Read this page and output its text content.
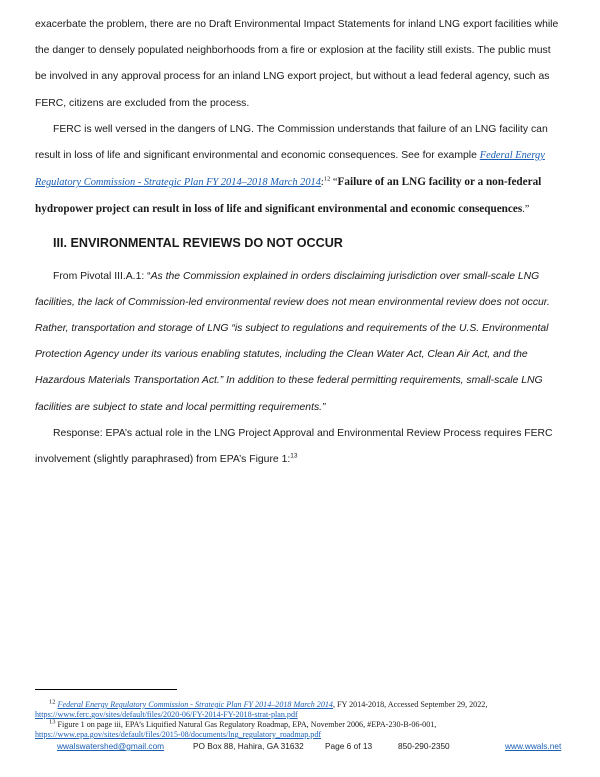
exacerbate the problem, there are no Draft Environmental Impact Statements for inland LNG export facilities while the danger to densely populated neighborhoods from a fire or explosion at the facility still exists. The public must be involved in any approval process for an inland LNG export project, but without a lead federal agency, such as FERC, citizens are excluded from the process.

FERC is well versed in the dangers of LNG. The Commission understands that failure of an LNG facility can result in loss of life and significant environmental and economic consequences. See for example Federal Energy Regulatory Commission - Strategic Plan FY 2014–2018 March 2014:$^{12}$ “Failure of an LNG facility or a non-federal hydropower project can result in loss of life and significant environmental and economic consequences.”

III. ENVIRONMENTAL REVIEWS DO NOT OCCUR

From Pivotal III.A.1: “As the Commission explained in orders disclaiming jurisdiction over small-scale LNG facilities, the lack of Commission-led environmental review does not mean environmental review does not occur. Rather, transportation and storage of LNG “is subject to regulations and requirements of the U.S. Environmental Protection Agency under its various enabling statutes, including the Clean Water Act, Clean Air Act, and the Hazardous Materials Transportation Act.” In addition to these federal permitting requirements, small-scale LNG facilities are subject to state and local permitting requirements.”

Response: EPA’s actual role in the LNG Project Approval and Environmental Review Process requires FERC involvement (slightly paraphrased) from EPA’s Figure 1:$^{13}$

$^{12}$ Federal Energy Regulatory Commission - Strategic Plan FY 2014–2018 March 2014, FY 2014-2018, Accessed September 29, 2022,

https://www.ferc.gov/sites/default/files/2020-06/FY-2014-FY-2018-strat-plan.pdf

$^{13}$ Figure 1 on page iii, EPA’s Liquified Natural Gas Regulatory Roadmap, EPA, November 2006, #EPA-230-B-06-001,

https://www.epa.gov/sites/default/files/2015-08/documents/lng_regulatory_roadmap.pdf

wwalswatershed@gmail.com	PO Box 88, Hahira, GA 31632	Page 6 of 13	850-290-2350	www.wwals.net
